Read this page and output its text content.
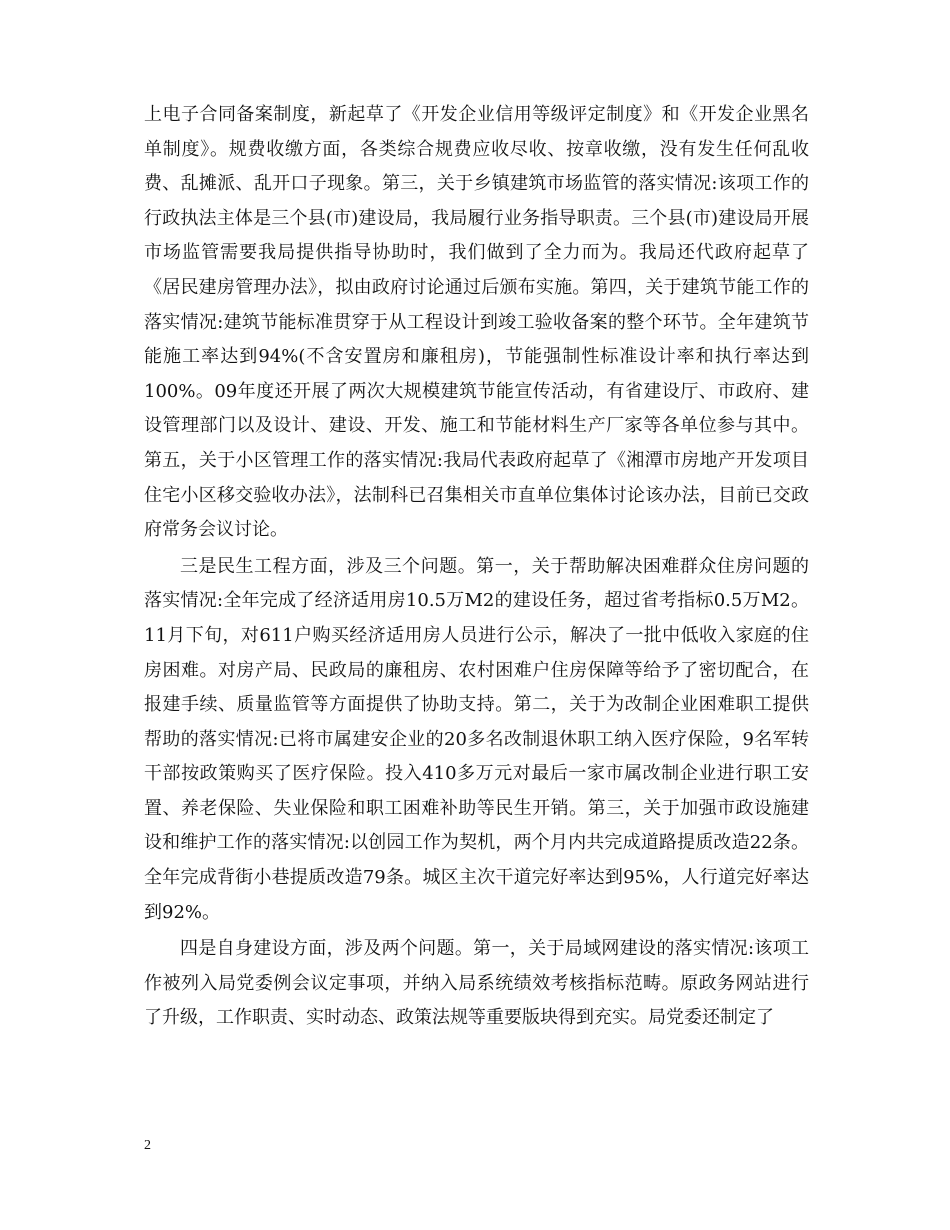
上电子合同备案制度，新起草了《开发企业信用等级评定制度》和《开发企业黑名单制度》。规费收缴方面，各类综合规费应收尽收、按章收缴，没有发生任何乱收费、乱摊派、乱开口子现象。第三，关于乡镇建筑市场监管的落实情况:该项工作的行政执法主体是三个县(市)建设局，我局履行业务指导职责。三个县(市)建设局开展市场监管需要我局提供指导协助时，我们做到了全力而为。我局还代政府起草了《居民建房管理办法》，拟由政府讨论通过后颁布实施。第四，关于建筑节能工作的落实情况:建筑节能标准贯穿于从工程设计到竣工验收备案的整个环节。全年建筑节能施工率达到94%(不含安置房和廉租房)，节能强制性标准设计率和执行率达到100%。09年度还开展了两次大规模建筑节能宣传活动，有省建设厅、市政府、建设管理部门以及设计、建设、开发、施工和节能材料生产厂家等各单位参与其中。第五，关于小区管理工作的落实情况:我局代表政府起草了《湘潭市房地产开发项目住宅小区移交验收办法》，法制科已召集相关市直单位集体讨论该办法，目前已交政府常务会议讨论。

三是民生工程方面，涉及三个问题。第一，关于帮助解决困难群众住房问题的落实情况:全年完成了经济适用房10.5万M2的建设任务，超过省考指标0.5万M2。11月下旬，对611户购买经济适用房人员进行公示，解决了一批中低收入家庭的住房困难。对房产局、民政局的廉租房、农村困难户住房保障等给予了密切配合，在报建手续、质量监管等方面提供了协助支持。第二，关于为改制企业困难职工提供帮助的落实情况:已将市属建安企业的20多名改制退休职工纳入医疗保险，9名军转干部按政策购买了医疗保险。投入410多万元对最后一家市属改制企业进行职工安置、养老保险、失业保险和职工困难补助等民生开销。第三，关于加强市政设施建设和维护工作的落实情况:以创园工作为契机，两个月内共完成道路提质改造22条。全年完成背街小巷提质改造79条。城区主次干道完好率达到95%，人行道完好率达到92%。

四是自身建设方面，涉及两个问题。第一，关于局域网建设的落实情况:该项工作被列入局党委例会议定事项，并纳入局系统绩效考核指标范畴。原政务网站进行了升级，工作职责、实时动态、政策法规等重要版块得到充实。局党委还制定了

2
